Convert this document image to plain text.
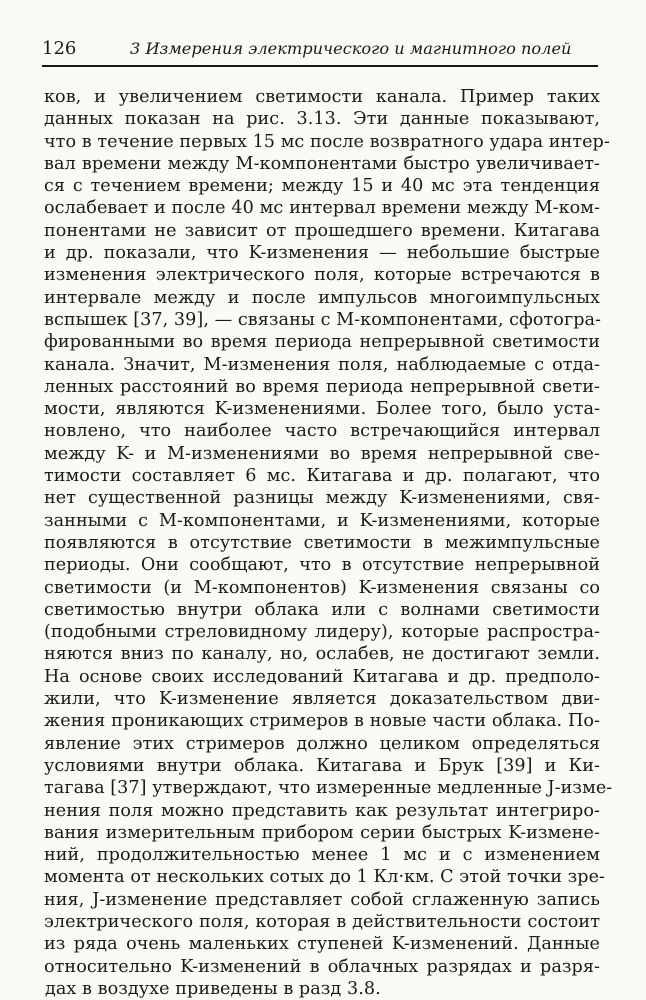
126	3 Измерения электрического и магнитного полей
ков, и увеличением светимости канала. Пример таких
данных показан на рис. 3.13. Эти данные показывают,
что в течение первых 15 мс после возвратного удара интер-
вал времени между M-компонентами быстро увеличивает-
ся с течением времени; между 15 и 40 мс эта тенденция
ослабевает и после 40 мс интервал времени между M-ком-
понентами не зависит от прошедшего времени. Китагава
и др. показали, что K-изменения — небольшие быстрые
изменения электрического поля, которые встречаются в
интервале между и после импульсов многоимпульсных
вспышек [37, 39], — связаны с M-компонентами, сфотогра-
фированными во время периода непрерывной светимости
канала. Значит, M-изменения поля, наблюдаемые с отда-
ленных расстояний во время периода непрерывной свети-
мости, являются K-изменениями. Более того, было уста-
новлено, что наиболее часто встречающийся интервал
между K- и M-изменениями во время непрерывной све-
тимости составляет 6 мс. Китагава и др. полагают, что
нет существенной разницы между K-изменениями, свя-
занными с M-компонентами, и K-изменениями, которые
появляются в отсутствие светимости в межимпульсные
периоды. Они сообщают, что в отсутствие непрерывной
светимости (и M-компонентов) K-изменения связаны со
светимостью внутри облака или с волнами светимости
(подобными стреловидному лидеру), которые распростра-
няются вниз по каналу, но, ослабев, не достигают земли.
На основе своих исследований Китагава и др. предполо-
жили, что K-изменение является доказательством дви-
жения проникающих стримеров в новые части облака. По-
явление этих стримеров должно целиком определяться
условиями внутри облака. Китагава и Брук [39] и Ки-
тагава [37] утверждают, что измеренные медленные J-изме-
нения поля можно представить как результат интегриро-
вания измерительным прибором серии быстрых K-измене-
ний, продолжительностью менее 1 мс и с изменением
момента от нескольких сотых до 1 Кл·км. С этой точки зре-
ния, J-изменение представляет собой сглаженную запись
электрического поля, которая в действительности состоит
из ряда очень маленьких ступеней K-изменений. Данные
относительно K-изменений в облачных разрядах и разря-
дах в воздухе приведены в разд 3.8.
